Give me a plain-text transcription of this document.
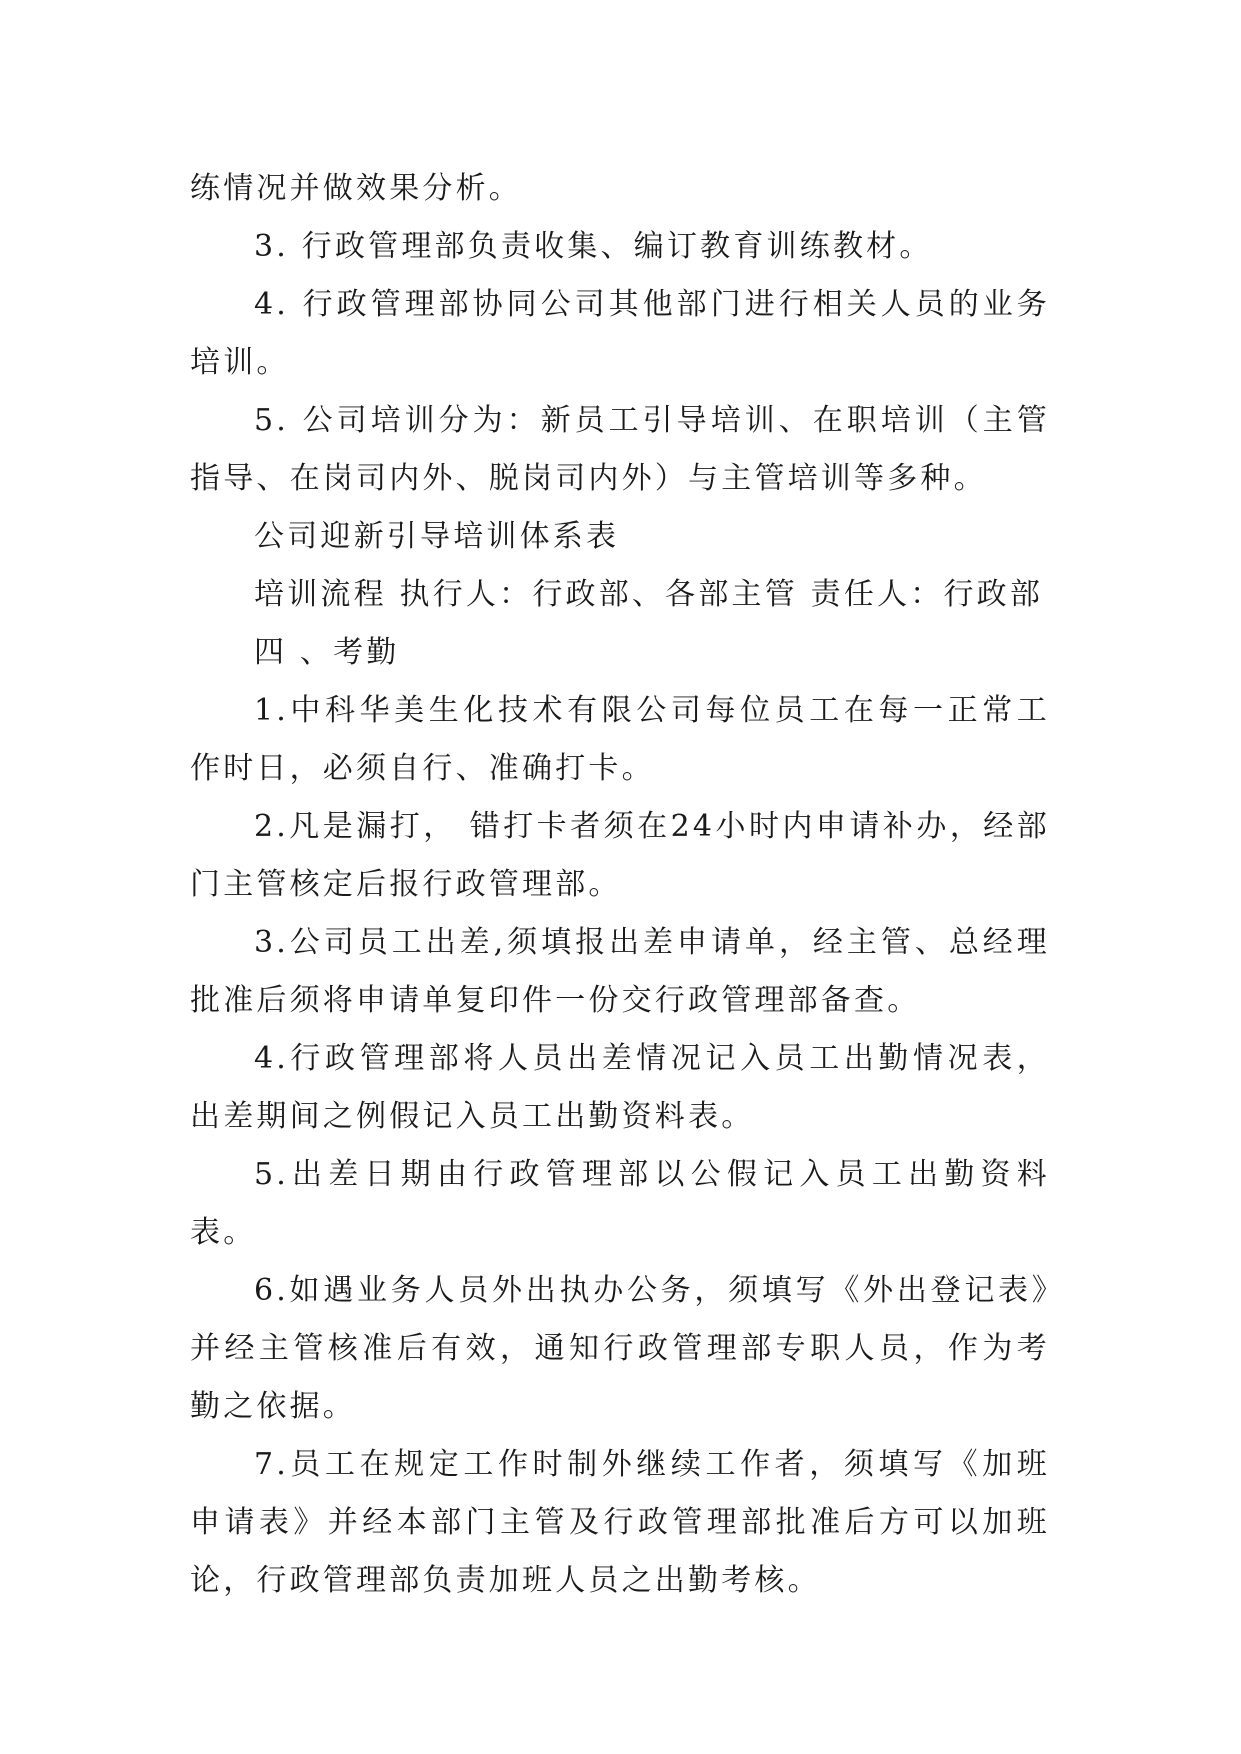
练情况并做效果分析。

3. 行政管理部负责收集、编订教育训练教材。

4. 行政管理部协同公司其他部门进行相关人员的业务培训。

5. 公司培训分为：新员工引导培训、在职培训（主管指导、在岗司内外、脱岗司内外）与主管培训等多种。

公司迎新引导培训体系表

培训流程 执行人：行政部、各部主管 责任人：行政部

四 、考勤

1.中科华美生化技术有限公司每位员工在每一正常工作时日，必须自行、准确打卡。

2.凡是漏打， 错打卡者须在24小时内申请补办，经部门主管核定后报行政管理部。

3.公司员工出差,须填报出差申请单，经主管、总经理批准后须将申请单复印件一份交行政管理部备查。

4.行政管理部将人员出差情况记入员工出勤情况表，出差期间之例假记入员工出勤资料表。

5.出差日期由行政管理部以公假记入员工出勤资料表。

6.如遇业务人员外出执办公务，须填写《外出登记表》并经主管核准后有效，通知行政管理部专职人员，作为考勤之依据。

7.员工在规定工作时制外继续工作者，须填写《加班申请表》并经本部门主管及行政管理部批准后方可以加班论，行政管理部负责加班人员之出勤考核。
